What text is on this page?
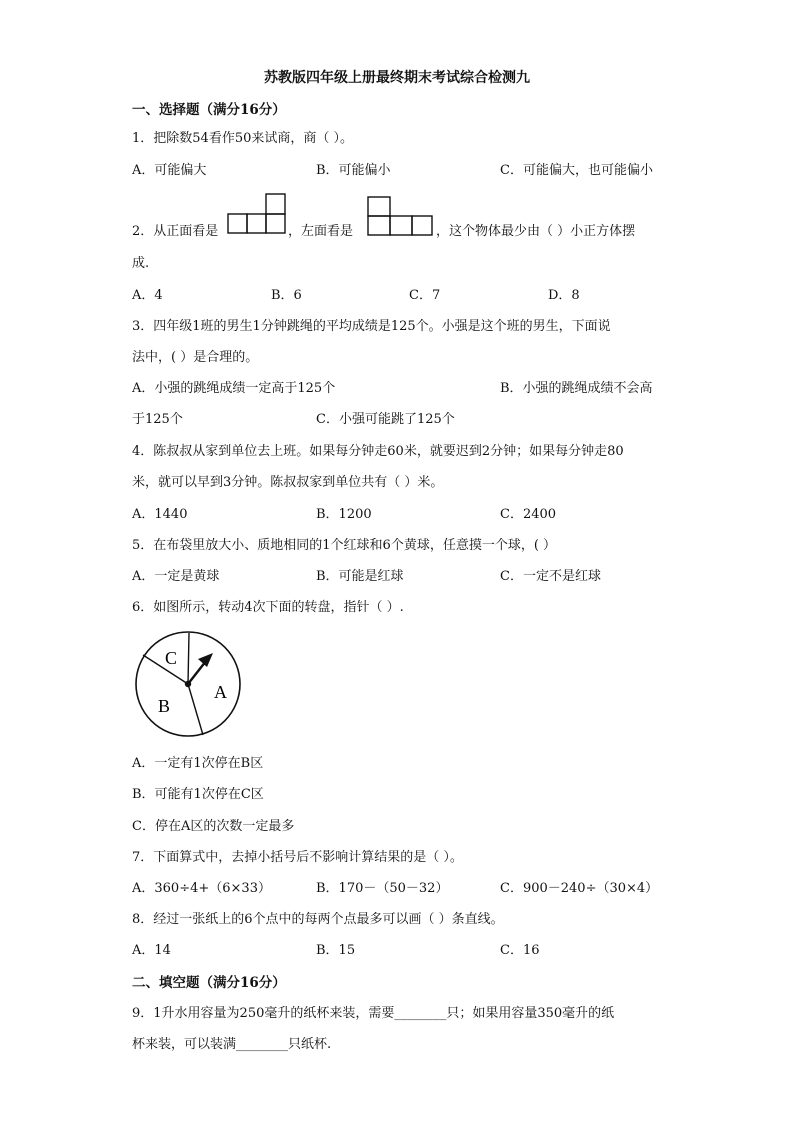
苏教版四年级上册最终期末考试综合检测九
一、选择题（满分16分）
1．把除数54看作50来试商，商（ ）。
A．可能偏大	B．可能偏小	C．可能偏大，也可能偏小
2．从正面看是	，左面看是	，这个物体最少由（ ）小正方体摆
成.
A．4	B．6	C．7	D．8
3．四年级1班的男生1分钟跳绳的平均成绩是125个。小强是这个班的男生，下面说
法中，( ）是合理的。
A．小强的跳绳成绩一定高于125个	B．小强的跳绳成绩不会高
于125个	C．小强可能跳了125个
4．陈叔叔从家到单位去上班。如果每分钟走60米，就要迟到2分钟；如果每分钟走80
米，就可以早到3分钟。陈叔叔家到单位共有（ ）米。
A．1440	B．1200	C．2400
5．在布袋里放大小、质地相同的1个红球和6个黄球，任意摸一个球，( ）
A．一定是黄球	B．可能是红球	C．一定不是红球
6．如图所示，转动4次下面的转盘，指针（ ）.
C
B
A
A．一定有1次停在B区
B．可能有1次停在C区
C．停在A区的次数一定最多
7．下面算式中，去掉小括号后不影响计算结果的是（ ）。
A．360÷4+（6×33）	B．170－（50－32）	C．900－240÷（30×4）
8．经过一张纸上的6个点中的每两个点最多可以画（ ）条直线。
A．14	B．15	C．16
二、填空题（满分16分）
9．1升水用容量为250毫升的纸杯来装，需要________只；如果用容量350毫升的纸
杯来装，可以装满________只纸杯.
